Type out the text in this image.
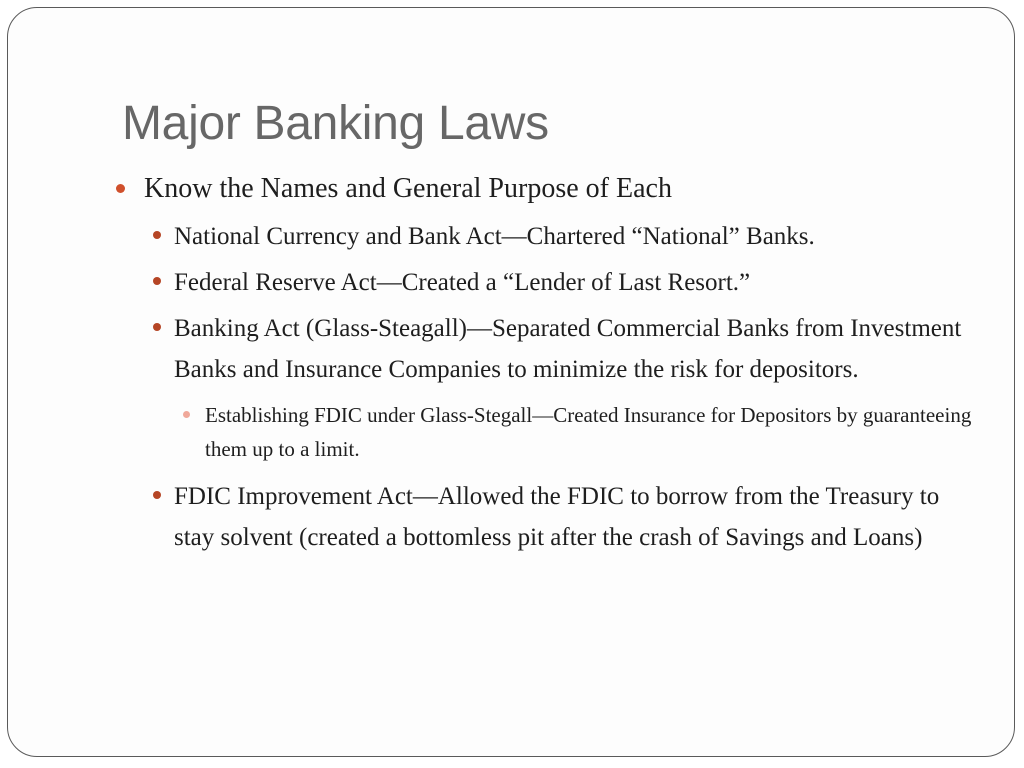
Major Banking Laws
Know the Names and General Purpose of Each
National Currency and Bank Act—Chartered “National” Banks.
Federal Reserve Act—Created a “Lender of Last Resort.”
Banking Act (Glass-Steagall)—Separated Commercial Banks from Investment Banks and Insurance Companies to minimize the risk for depositors.
Establishing FDIC under Glass-Stegall—Created Insurance for Depositors by guaranteeing them up to a limit.
FDIC Improvement Act—Allowed the FDIC to borrow from the Treasury to stay solvent (created a bottomless pit after the crash of Savings and Loans)
